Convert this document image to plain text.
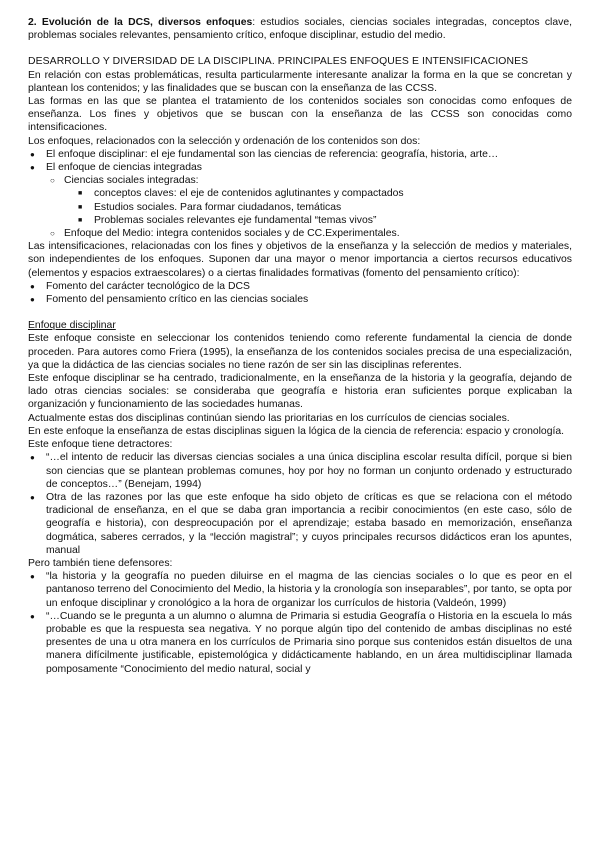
2. Evolución de la DCS, diversos enfoques: estudios sociales, ciencias sociales integradas, conceptos clave, problemas sociales relevantes, pensamiento crítico, enfoque disciplinar, estudio del medio.

DESARROLLO Y DIVERSIDAD DE LA DISCIPLINA. PRINCIPALES ENFOQUES E INTENSIFICACIONES

En relación con estas problemáticas, resulta particularmente interesante analizar la forma en la que se concretan y plantean los contenidos; y las finalidades que se buscan con la enseñanza de las CCSS.

Las formas en las que se plantea el tratamiento de los contenidos sociales son conocidas como enfoques de enseñanza. Los fines y objetivos que se buscan con la enseñanza de las CCSS son conocidas como intensificaciones.

Los enfoques, relacionados con la selección y ordenación de los contenidos son dos:

● El enfoque disciplinar: el eje fundamental son las ciencias de referencia: geografía, historia, arte…
● El enfoque de ciencias integradas
○ Ciencias sociales integradas:
■ conceptos claves: el eje de contenidos aglutinantes y compactados
■ Estudios sociales. Para formar ciudadanos, temáticas
■ Problemas sociales relevantes eje fundamental “temas vivos”
○ Enfoque del Medio: integra contenidos sociales y de CC.Experimentales.

Las intensificaciones, relacionadas con los fines y objetivos de la enseñanza y la selección de medios y materiales, son independientes de los enfoques. Suponen dar una mayor o menor importancia a ciertos recursos educativos (elementos y espacios extraescolares) o a ciertas finalidades formativas (fomento del pensamiento crítico):

● Fomento del carácter tecnológico de la DCS
● Fomento del pensamiento crítico en las ciencias sociales

Enfoque disciplinar

Este enfoque consiste en seleccionar los contenidos teniendo como referente fundamental la ciencia de donde proceden. Para autores como Friera (1995), la enseñanza de los contenidos sociales precisa de una especialización, ya que la didáctica de las ciencias sociales no tiene razón de ser sin las disciplinas referentes.

Este enfoque disciplinar se ha centrado, tradicionalmente, en la enseñanza de la historia y la geografía, dejando de lado otras ciencias sociales: se consideraba que geografía e historia eran suficientes porque explicaban la organización y funcionamiento de las sociedades humanas.

Actualmente estas dos disciplinas continúan siendo las prioritarias en los currículos de ciencias sociales.

En este enfoque la enseñanza de estas disciplinas siguen la lógica de la ciencia de referencia: espacio y cronología.

Este enfoque tiene detractores:

● “…el intento de reducir las diversas ciencias sociales a una única disciplina escolar resulta difícil, porque si bien son ciencias que se plantean problemas comunes, hoy por hoy no forman un conjunto ordenado y estructurado de conceptos…” (Benejam, 1994)
● Otra de las razones por las que este enfoque ha sido objeto de críticas es que se relaciona con el método tradicional de enseñanza, en el que se daba gran importancia a recibir conocimientos (en este caso, sólo de geografía e historia), con despreocupación por el aprendizaje; estaba basado en memorización, enseñanza dogmática, saberes cerrados, y la “lección magistral”; y cuyos principales recursos didácticos eran los apuntes, manual

Pero también tiene defensores:

● “la historia y la geografía no pueden diluirse en el magma de las ciencias sociales o lo que es peor en el pantanoso terreno del Conocimiento del Medio, la historia y la cronología son inseparables”, por tanto, se opta por un enfoque disciplinar y cronológico a la hora de organizar los currículos de historia (Valdeón, 1999)
● “…Cuando se le pregunta a un alumno o alumna de Primaria si estudia Geografía o Historia en la escuela lo más probable es que la respuesta sea negativa. Y no porque algún tipo del contenido de ambas disciplinas no esté presentes de una u otra manera en los currículos de Primaria sino porque sus contenidos están disueltos de una manera difícilmente justificable, epistemológica y didácticamente hablando, en un área multidisciplinar llamada pomposamente “Conocimiento del medio natural, social y
